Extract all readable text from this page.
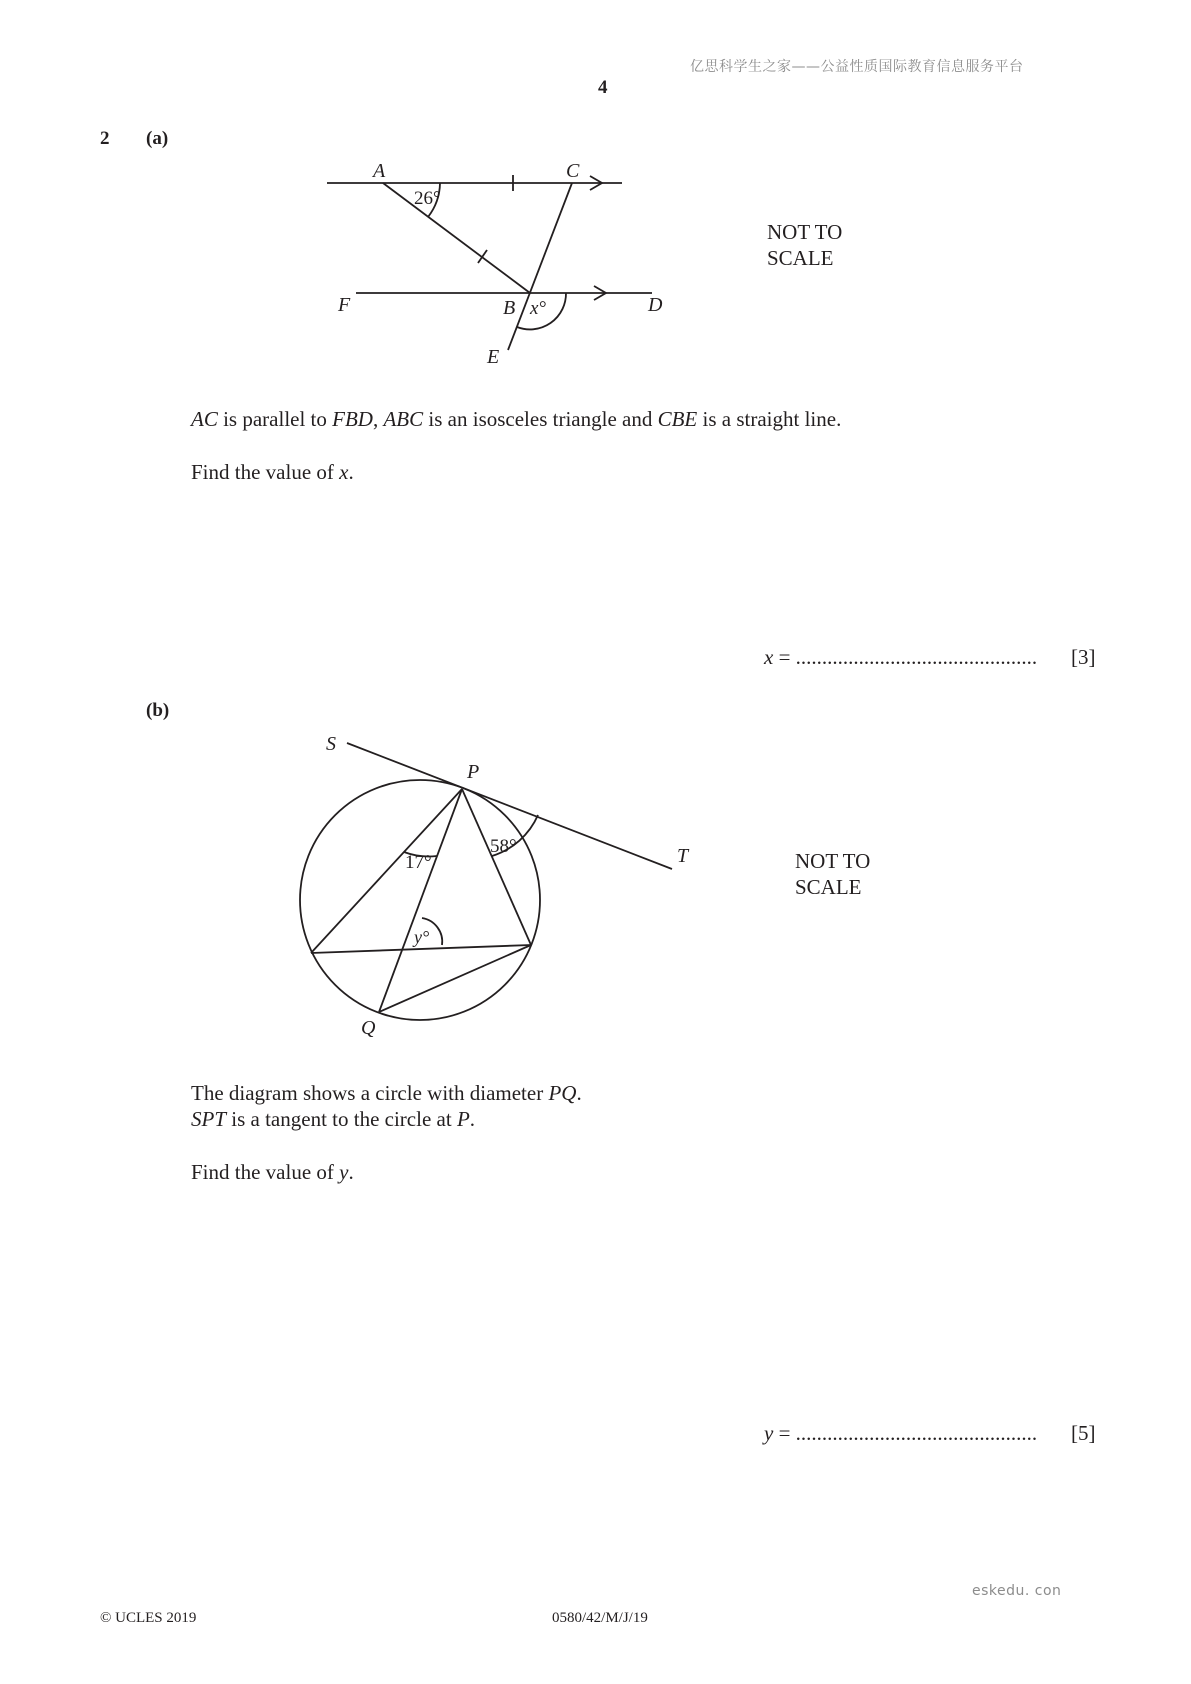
亿思科学生之家——公益性质国际教育信息服务平台
4
2 (a)
A	C
F	B	D
E
26°
x°
NOT TO
SCALE
AC is parallel to FBD, ABC is an isosceles triangle and CBE is a straight line.
Find the value of x.
x = .............................................. [3]
(b)
S
P
T
Q
17°
58°
y°
NOT TO
SCALE
The diagram shows a circle with diameter PQ.
SPT is a tangent to the circle at P.
Find the value of y.
y = .............................................. [5]
eskedu. con
© UCLES 2019	0580/42/M/J/19
